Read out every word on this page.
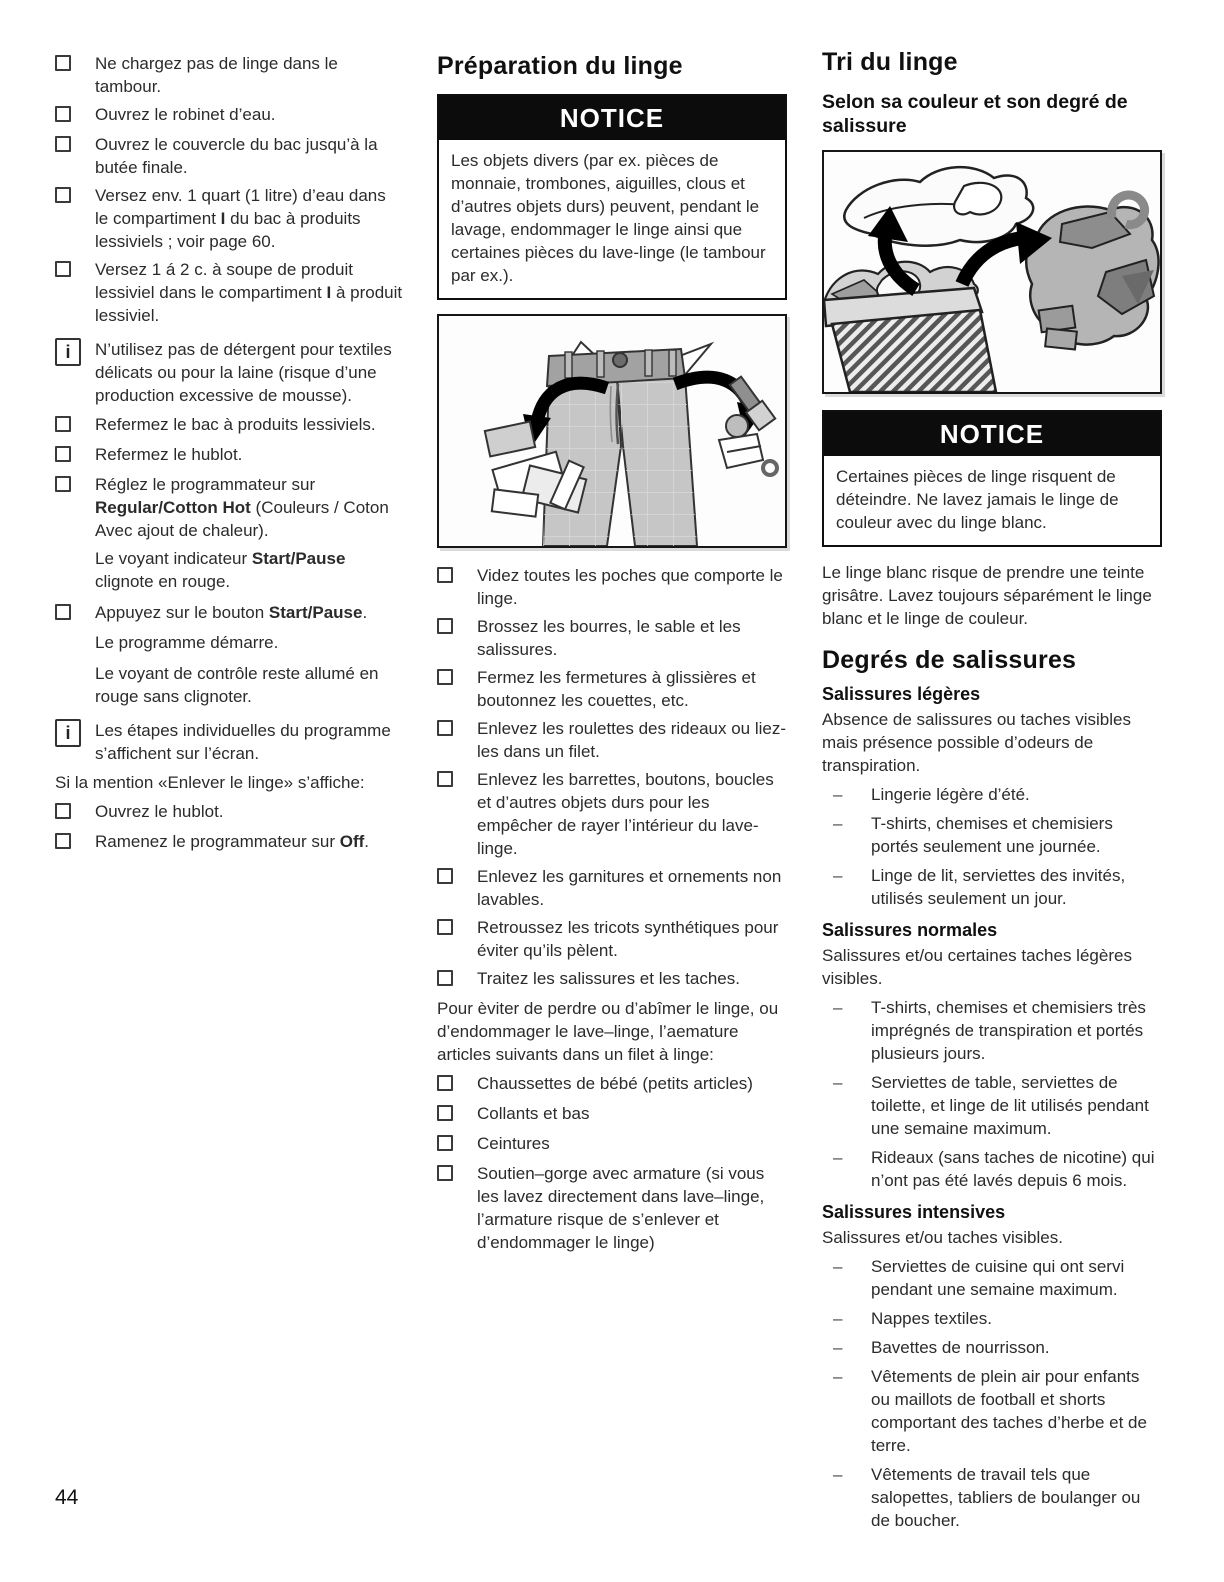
Ne chargez pas de linge dans le tambour.
Ouvrez le robinet d’eau.
Ouvrez le couvercle du bac jusqu’à la butée finale.
Versez env. 1 quart (1 litre) d’eau dans le compartiment I du bac à produits lessiviels ; voir page 60.
Versez 1 á 2 c. à soupe de produit lessiviel dans le compartiment I à produit lessiviel.
i	N’utilisez pas de détergent pour textiles délicats ou pour la laine (risque d’une production excessive de mousse).
Refermez le bac à produits lessiviels.
Refermez le hublot.
Réglez le programmateur sur Regular/Cotton Hot (Couleurs / Coton Avec ajout de chaleur).
Le voyant indicateur Start/Pause clignote en rouge.
Appuyez sur le bouton Start/Pause.
Le programme démarre.
Le voyant de contrôle reste allumé en rouge sans clignoter.
i	Les étapes individuelles du programme s’affichent sur l’écran.
Si la mention «Enlever le linge» s’affiche:
Ouvrez le hublot.
Ramenez le programmateur sur Off.
Préparation du linge
NOTICE
Les objets divers (par ex. pièces de monnaie, trombones, aiguilles, clous et d’autres objets durs) peuvent, pendant le lavage, endommager le linge ainsi que certaines pièces du lave-linge (le tambour par ex.).
Videz toutes les poches que comporte le linge.
Brossez les bourres, le sable et les salissures.
Fermez les fermetures à glissières et boutonnez les couettes, etc.
Enlevez les roulettes des rideaux ou liez-les dans un filet.
Enlevez les barrettes, boutons, boucles et d’autres objets durs pour les empêcher de rayer l’intérieur du lave-linge.
Enlevez les garnitures et ornements non lavables.
Retroussez les tricots synthétiques pour éviter qu’ils pèlent.
Traitez les salissures et les taches.
Pour èviter de perdre ou d’abîmer le linge, ou d’endommager le lave–linge, l’aemature articles suivants dans un filet à linge:
Chaussettes de bébé (petits articles)
Collants et bas
Ceintures
Soutien–gorge avec armature (si vous les lavez directement dans lave–linge, l’armature risque de s’enlever et d’endommager le linge)
Tri du linge
Selon sa couleur et son degré de salissure
NOTICE
Certaines pièces de linge risquent de déteindre. Ne lavez jamais le linge de couleur avec du linge blanc.
Le linge blanc risque de prendre une teinte grisâtre. Lavez toujours séparément le linge blanc et le linge de couleur.
Degrés de salissures
Salissures légères
Absence de salissures ou taches visibles mais présence possible d’odeurs de transpiration.
–	Lingerie légère d’été.
–	T-shirts, chemises et chemisiers portés seulement une journée.
–	Linge de lit, serviettes des invités, utilisés seulement un jour.
Salissures normales
Salissures et/ou certaines taches légères visibles.
–	T-shirts, chemises et chemisiers très imprégnés de transpiration et portés plusieurs jours.
–	Serviettes de table, serviettes de toilette, et linge de lit utilisés pendant une semaine maximum.
–	Rideaux (sans taches de nicotine) qui n’ont pas été lavés depuis 6 mois.
Salissures intensives
Salissures et/ou taches visibles.
–	Serviettes de cuisine qui ont servi pendant une semaine maximum.
–	Nappes textiles.
–	Bavettes de nourrisson.
–	Vêtements de plein air pour enfants ou maillots de football et shorts comportant des taches d’herbe et de terre.
–	Vêtements de travail tels que salopettes, tabliers de boulanger ou de boucher.
44
